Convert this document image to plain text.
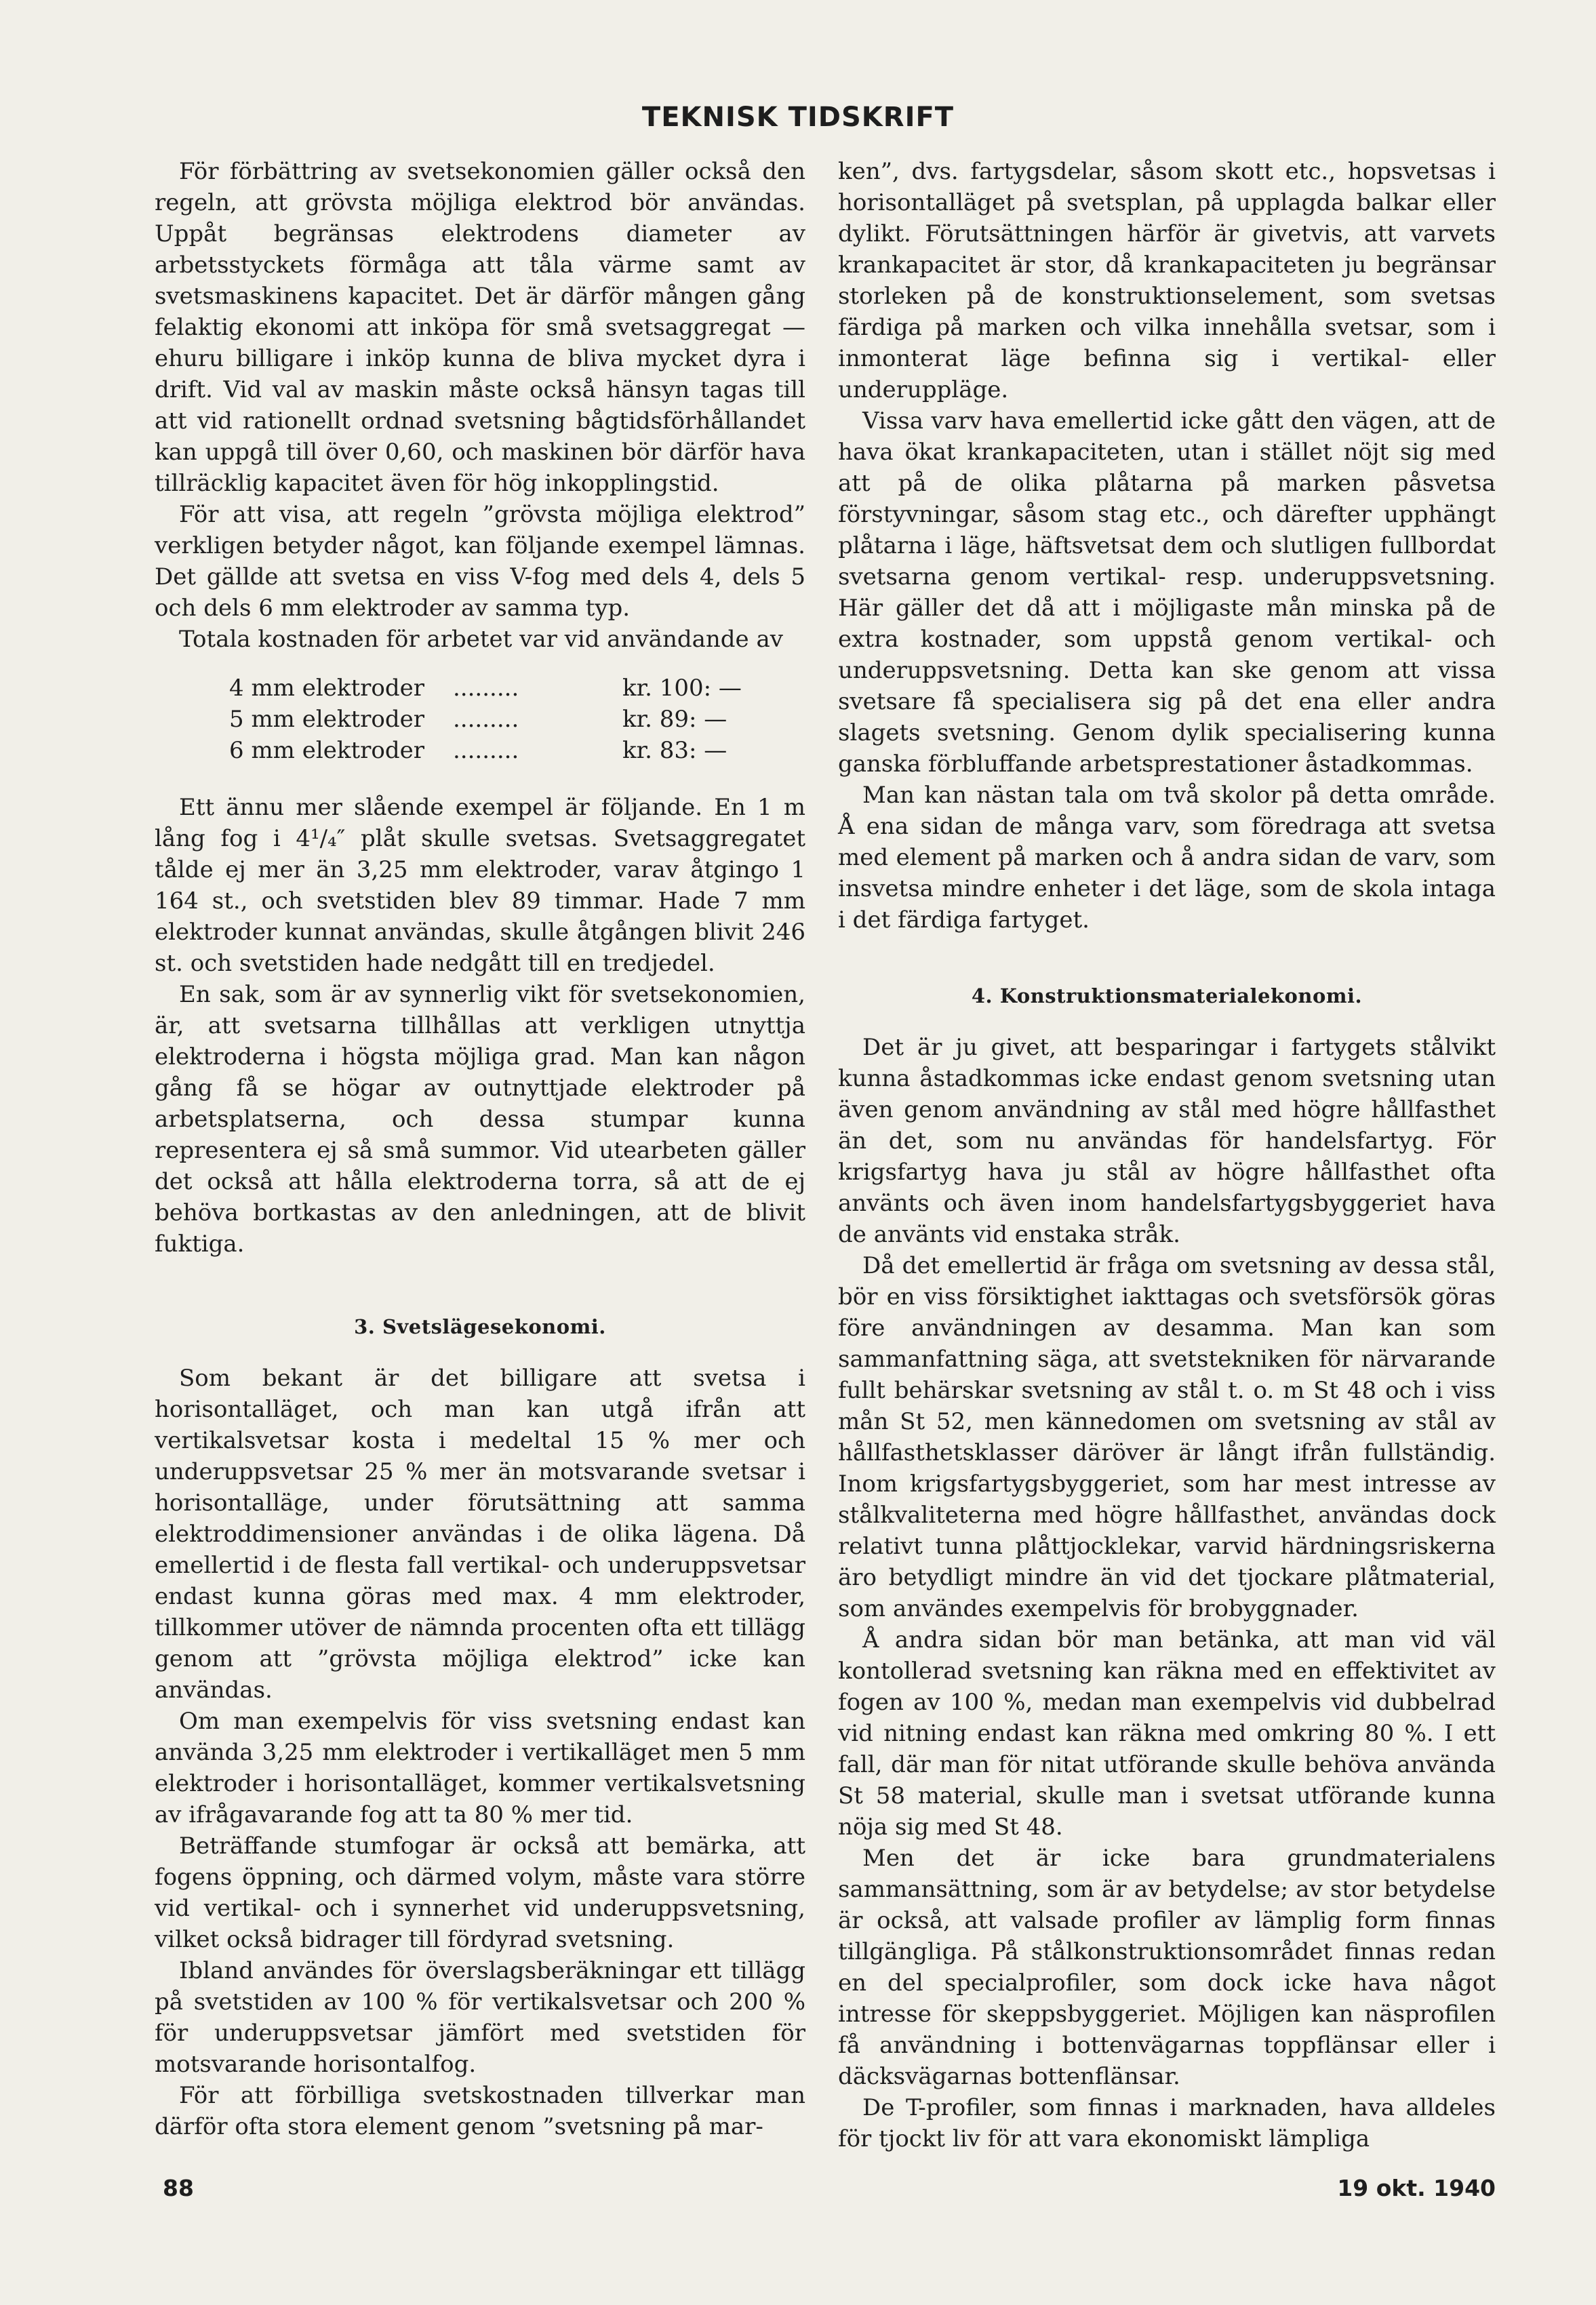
TEKNISK TIDSKRIFT

För förbättring av svetsekonomien gäller också den regeln, att grövsta möjliga elektrod bör användas. Uppåt begränsas elektrodens diameter av arbetsstyckets förmåga att tåla värme samt av svetsmaskinens kapacitet. Det är därför mången gång felaktig ekonomi att inköpa för små svetsaggregat — ehuru billigare i inköp kunna de bliva mycket dyra i drift. Vid val av maskin måste också hänsyn tagas till att vid rationellt ordnad svetsning bågtidsförhållandet kan uppgå till över 0,60, och maskinen bör därför hava tillräcklig kapacitet även för hög inkopplingstid.

För att visa, att regeln ”grövsta möjliga elektrod” verkligen betyder något, kan följande exempel lämnas. Det gällde att svetsa en viss V-fog med dels 4, dels 5 och dels 6 mm elektroder av samma typ.

Totala kostnaden för arbetet var vid användande av

4 mm elektroder	.........	kr. 100: —
5 mm elektroder	.........	kr. 89: —
6 mm elektroder	.........	kr. 83: —

Ett ännu mer slående exempel är följande. En 1 m lång fog i 4¹/₄″ plåt skulle svetsas. Svetsaggregatet tålde ej mer än 3,25 mm elektroder, varav åtgingo 1 164 st., och svetstiden blev 89 timmar. Hade 7 mm elektroder kunnat användas, skulle åtgången blivit 246 st. och svetstiden hade nedgått till en tredjedel.

En sak, som är av synnerlig vikt för svetsekonomien, är, att svetsarna tillhållas att verkligen utnyttja elektroderna i högsta möjliga grad. Man kan någon gång få se högar av outnyttjade elektroder på arbetsplatserna, och dessa stumpar kunna representera ej så små summor. Vid utearbeten gäller det också att hålla elektroderna torra, så att de ej behöva bortkastas av den anledningen, att de blivit fuktiga.

3. Svetslägesekonomi.

Som bekant är det billigare att svetsa i horisontalläget, och man kan utgå ifrån att vertikalsvetsar kosta i medeltal 15 % mer och underuppsvetsar 25 % mer än motsvarande svetsar i horisontalläge, under förutsättning att samma elektroddimensioner användas i de olika lägena. Då emellertid i de flesta fall vertikal- och underuppsvetsar endast kunna göras med max. 4 mm elektroder, tillkommer utöver de nämnda procenten ofta ett tillägg genom att ”grövsta möjliga elektrod” icke kan användas.

Om man exempelvis för viss svetsning endast kan använda 3,25 mm elektroder i vertikalläget men 5 mm elektroder i horisontalläget, kommer vertikalsvetsning av ifrågavarande fog att ta 80 % mer tid.

Beträffande stumfogar är också att bemärka, att fogens öppning, och därmed volym, måste vara större vid vertikal- och i synnerhet vid underuppsvetsning, vilket också bidrager till fördyrad svetsning.

Ibland användes för överslagsberäkningar ett tillägg på svetstiden av 100 % för vertikalsvetsar och 200 % för underuppsvetsar jämfört med svetstiden för motsvarande horisontalfog.

För att förbilliga svetskostnaden tillverkar man därför ofta stora element genom ”svetsning på mar-

ken”, dvs. fartygsdelar, såsom skott etc., hopsvetsas i horisontalläget på svetsplan, på upplagda balkar eller dylikt. Förutsättningen härför är givetvis, att varvets krankapacitet är stor, då krankapaciteten ju begränsar storleken på de konstruktionselement, som svetsas färdiga på marken och vilka innehålla svetsar, som i inmonterat läge befinna sig i vertikal- eller underuppläge.

Vissa varv hava emellertid icke gått den vägen, att de hava ökat krankapaciteten, utan i stället nöjt sig med att på de olika plåtarna på marken påsvetsa förstyvningar, såsom stag etc., och därefter upphängt plåtarna i läge, häftsvetsat dem och slutligen fullbordat svetsarna genom vertikal- resp. underuppsvetsning. Här gäller det då att i möjligaste mån minska på de extra kostnader, som uppstå genom vertikal- och underuppsvetsning. Detta kan ske genom att vissa svetsare få specialisera sig på det ena eller andra slagets svetsning. Genom dylik specialisering kunna ganska förbluffande arbetsprestationer åstadkommas.

Man kan nästan tala om två skolor på detta område. Å ena sidan de många varv, som föredraga att svetsa med element på marken och å andra sidan de varv, som insvetsa mindre enheter i det läge, som de skola intaga i det färdiga fartyget.

4. Konstruktionsmaterialekonomi.

Det är ju givet, att besparingar i fartygets stålvikt kunna åstadkommas icke endast genom svetsning utan även genom användning av stål med högre hållfasthet än det, som nu användas för handelsfartyg. För krigsfartyg hava ju stål av högre hållfasthet ofta använts och även inom handelsfartygsbyggeriet hava de använts vid enstaka stråk.

Då det emellertid är fråga om svetsning av dessa stål, bör en viss försiktighet iakttagas och svetsförsök göras före användningen av desamma. Man kan som sammanfattning säga, att svetstekniken för närvarande fullt behärskar svetsning av stål t. o. m St 48 och i viss mån St 52, men kännedomen om svetsning av stål av hållfasthetsklasser däröver är långt ifrån fullständig. Inom krigsfartygsbyggeriet, som har mest intresse av stålkvaliteterna med högre hållfasthet, användas dock relativt tunna plåttjocklekar, varvid härdningsriskerna äro betydligt mindre än vid det tjockare plåtmaterial, som användes exempelvis för brobyggnader.

Å andra sidan bör man betänka, att man vid väl kontollerad svetsning kan räkna med en effektivitet av fogen av 100 %, medan man exempelvis vid dubbelrad vid nitning endast kan räkna med omkring 80 %. I ett fall, där man för nitat utförande skulle behöva använda St 58 material, skulle man i svetsat utförande kunna nöja sig med St 48.

Men det är icke bara grundmaterialens sammansättning, som är av betydelse; av stor betydelse är också, att valsade profiler av lämplig form finnas tillgängliga. På stålkonstruktionsområdet finnas redan en del specialprofiler, som dock icke hava något intresse för skeppsbyggeriet. Möjligen kan näsprofilen få användning i bottenvägarnas toppflänsar eller i däcksvägarnas bottenflänsar.

De T-profiler, som finnas i marknaden, hava alldeles för tjockt liv för att vara ekonomiskt lämpliga

88	19 okt. 1940
